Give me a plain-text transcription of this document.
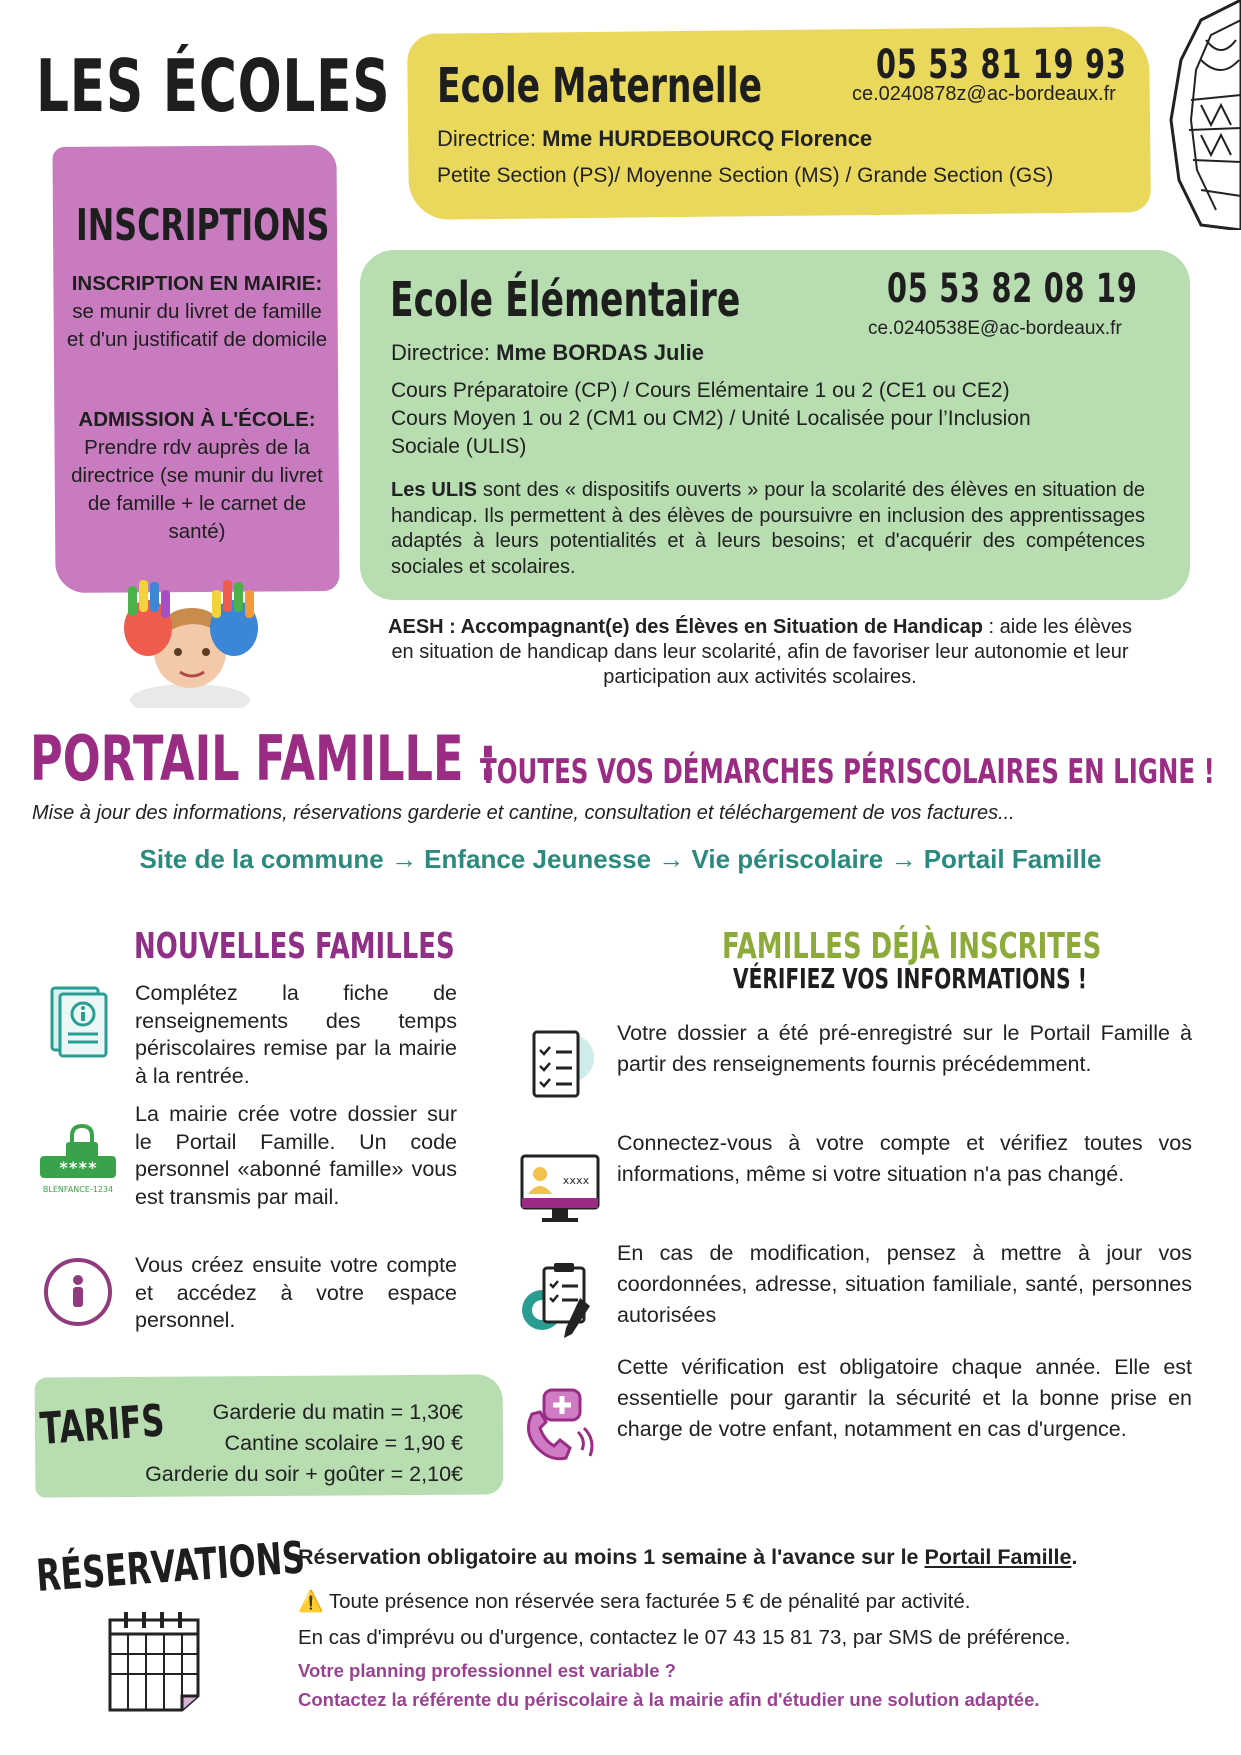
LES ÉCOLES Ecole Maternelle	05 53 81 19 93
ce.0240878z@ac-bordeaux.fr
Directrice: Mme HURDEBOURCQ Florence
Petite Section (PS)/ Moyenne Section (MS) / Grande Section (GS)
INSCRIPTIONS
INSCRIPTION EN MAIRIE:
se munir du livret de famille et d'un justificatif de domicile
ADMISSION À L'ÉCOLE:
Prendre rdv auprès de la directrice (se munir du livret de famille + le carnet de santé)
Ecole Élémentaire	05 53 82 08 19
ce.0240538E@ac-bordeaux.fr
Directrice: Mme BORDAS Julie
Cours Préparatoire (CP) / Cours Elémentaire 1 ou 2 (CE1 ou CE2)
Cours Moyen 1 ou 2 (CM1 ou CM2) / Unité Localisée pour l’Inclusion
Sociale (ULIS)
Les ULIS sont des « dispositifs ouverts » pour la scolarité des élèves en situation de handicap. Ils permettent à des élèves de poursuivre en inclusion des apprentissages adaptés à leurs potentialités et à leurs besoins; et d'acquérir des compétences sociales et scolaires.
AESH : Accompagnant(e) des Élèves en Situation de Handicap : aide les élèves en situation de handicap dans leur scolarité, afin de favoriser leur autonomie et leur participation aux activités scolaires.
PORTAIL FAMILLE :
TOUTES VOS DÉMARCHES PÉRISCOLAIRES EN LIGNE !
Mise à jour des informations, réservations garderie et cantine, consultation et téléchargement de vos factures...
Site de la commune → Enfance Jeunesse → Vie périscolaire → Portail Famille
NOUVELLES FAMILLES
Complétez la fiche de renseignements des temps périscolaires remise par la mairie à la rentrée.
****
BLENFANCE-1234
La mairie crée votre dossier sur le Portail Famille. Un code personnel «abonné famille» vous est transmis par mail.
Vous créez ensuite votre compte et accédez à votre espace personnel.
FAMILLES DÉJÀ INSCRITES
VÉRIFIEZ VOS INFORMATIONS !
Votre dossier a été pré-enregistré sur le Portail Famille à partir des renseignements fournis précédemment.
xxxx
Connectez-vous à votre compte et vérifiez toutes vos informations, même si votre situation n'a pas changé.
En cas de modification, pensez à mettre à jour vos coordonnées, adresse, situation familiale, santé, personnes autorisées
Cette vérification est obligatoire chaque année. Elle est essentielle pour garantir la sécurité et la bonne prise en charge de votre enfant, notamment en cas d'urgence.
TARIFS	Garderie du matin = 1,30€
Cantine scolaire = 1,90 €
Garderie du soir + goûter = 2,10€
RÉSERVATIONS
Réservation obligatoire au moins 1 semaine à l'avance sur le Portail Famille.
⚠️ Toute présence non réservée sera facturée 5 € de pénalité par activité.
En cas d'imprévu ou d'urgence, contactez le 07 43 15 81 73, par SMS de préférence.
Votre planning professionnel est variable ?
Contactez la référente du périscolaire à la mairie afin d'étudier une solution adaptée.
